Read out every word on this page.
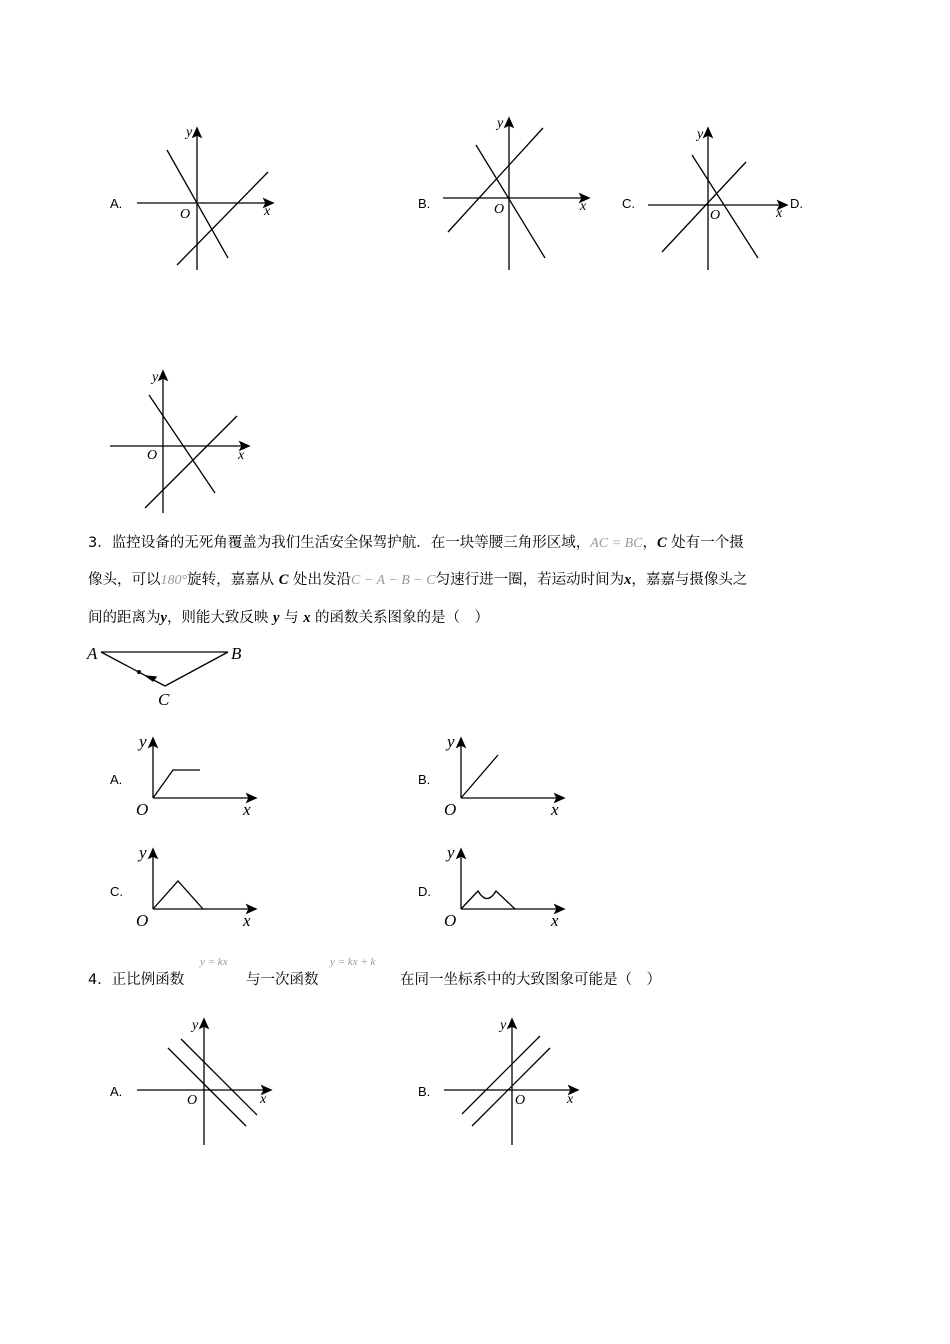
A.
y
x
O
y
x
O
y
x
O
y
x
O
A	B
C
y
x
O
y
x
O
y
x
O
y
x
O
y
x
O
y
x
O
B.	C.	D.
3．监控设备的无死角覆盖为我们生活安全保驾护航．在一块等腰三角形区域，AC = BC，C 处有一个摄
像头，可以180°旋转，嘉嘉从 C 处出发沿C − A − B − C匀速行进一圈，若运动时间为x，嘉嘉与摄像头之
间的距离为y，则能大致反映 y 与 x 的函数关系图象的是（　）
A.	B.
C.	D.
4．正比例函数
y = kx
与一次函数
y = kx + k
在同一坐标系中的大致图象可能是（　）
A.	B.
